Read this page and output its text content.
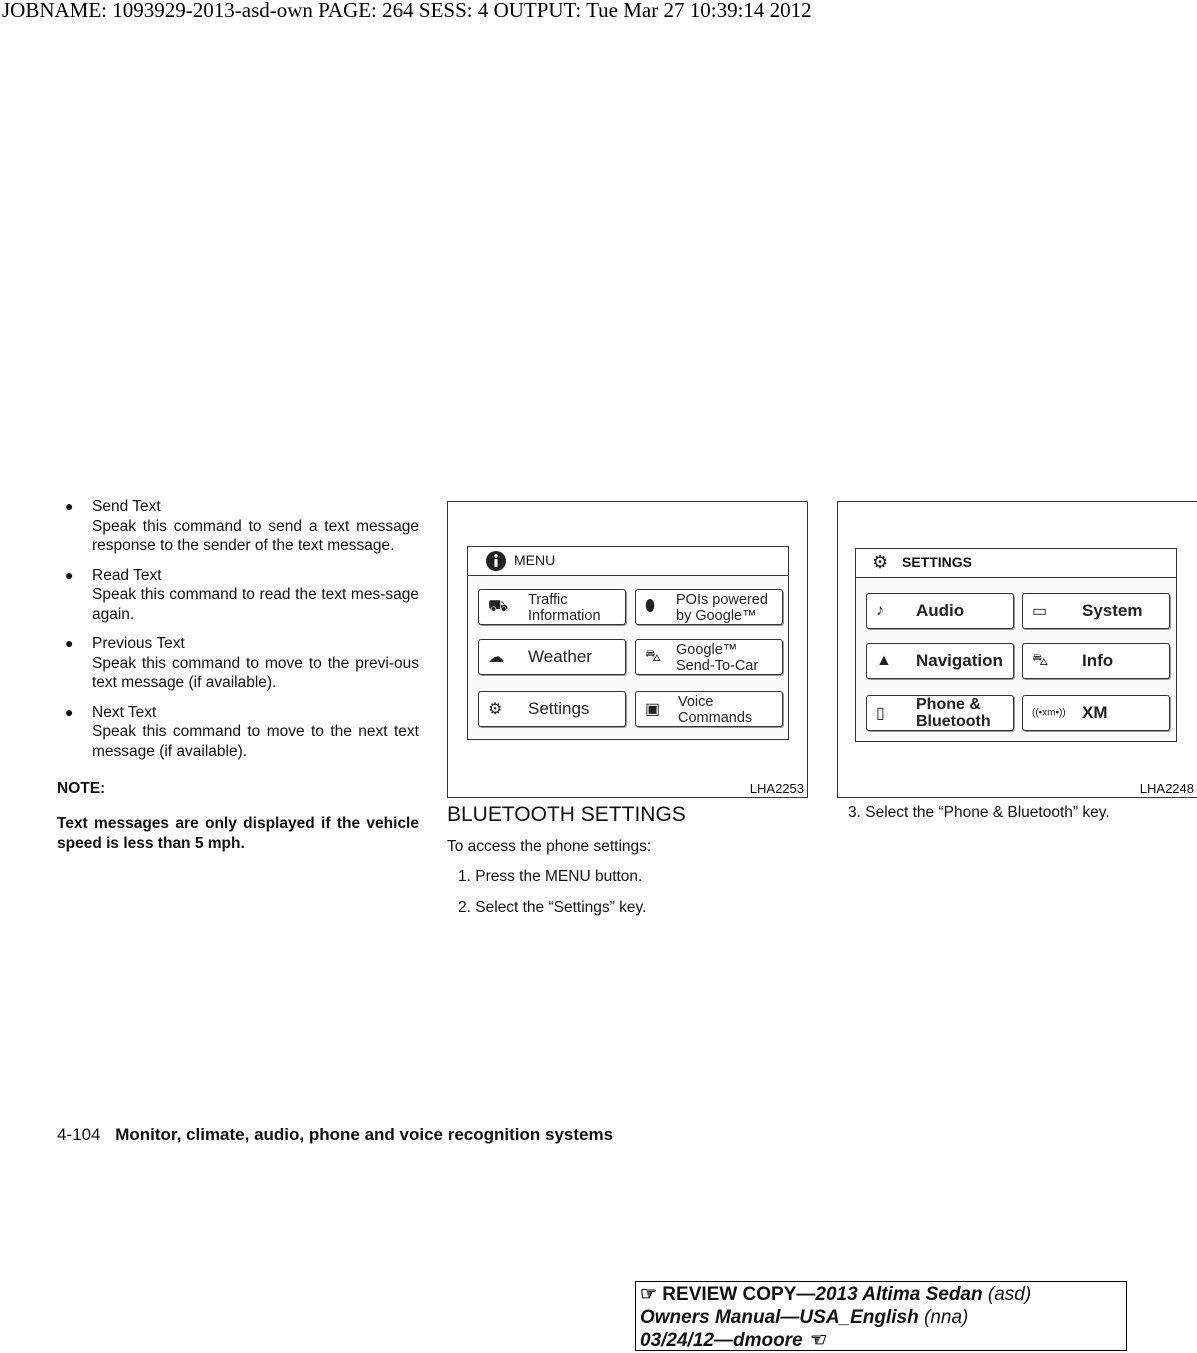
JOBNAME: 1093929-2013-asd-own PAGE: 264 SESS: 4 OUTPUT: Tue Mar 27 10:39:14 2012
● Send Text
Speak this command to send a text message response to the sender of the text message.
● Read Text
Speak this command to read the text mes-sage again.
● Previous Text
Speak this command to move to the previ-ous text message (if available).
● Next Text
Speak this command to move to the next text message (if available).
NOTE:
Text messages are only displayed if the vehicle speed is less than 5 mph.
MENU
⛟ Traffic
Information
⬮ POIs powered
by Google™
☁ Weather	⛍ Google™
Send-To-Car
⚙ Settings	▣ Voice
Commands
LHA2253
⚙ SETTINGS
♪ Audio	▭ System
▲ Navigation ⛍ Info
▯
Phone &
Bluetooth	((•xm•)) XM
LHA2248
BLUETOOTH SETTINGS
To access the phone settings:
1. Press the MENU button.
2. Select the “Settings” key.
3. Select the “Phone & Bluetooth” key.
4-104 Monitor, climate, audio, phone and voice recognition systems
☞ REVIEW COPY—2013 Altima Sedan (asd)
Owners Manual—USA_English (nna)
03/24/12—dmoore ☜
